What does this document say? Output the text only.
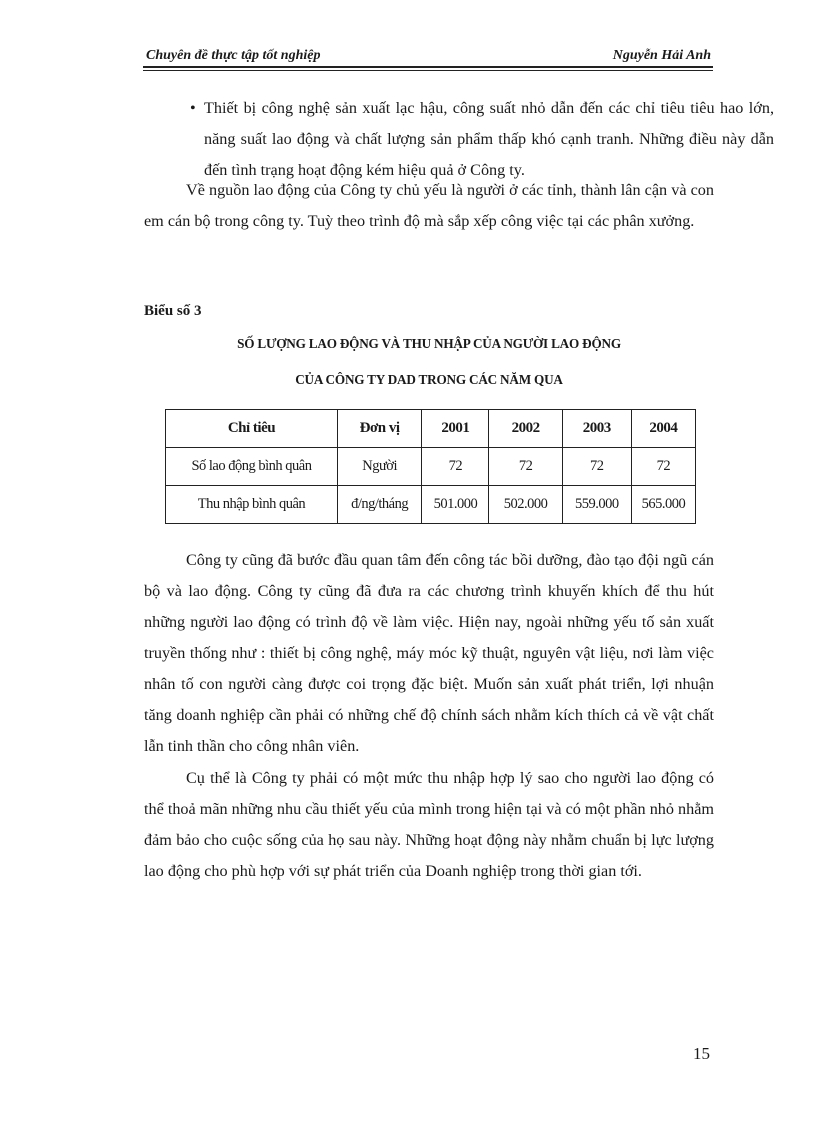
Chuyên đề thực tập tốt nghiệp	Nguyễn Hải Anh

• Thiết bị công nghệ sản xuất lạc hậu, công suất nhỏ dẫn đến các chỉ tiêu tiêu hao lớn, năng suất lao động và chất lượng sản phẩm thấp khó cạnh tranh. Những điều này dẫn đến tình trạng hoạt động kém hiệu quả ở Công ty.

Về nguồn lao động của Công ty chủ yếu là người ở các tỉnh, thành lân cận và con em cán bộ trong công ty. Tuỳ theo trình độ mà sắp xếp công việc tại các phân xưởng.

Biểu số 3
SỐ LƯỢNG LAO ĐỘNG VÀ THU NHẬP CỦA NGƯỜI LAO ĐỘNG
CỦA CÔNG TY DAD TRONG CÁC NĂM QUA
Chỉ tiêu	Đơn vị	2001	2002	2003	2004
Số lao động bình quân	Người	72	72	72	72
Thu nhập bình quân	đ/ng/tháng	501.000	502.000	559.000	565.000

Công ty cũng đã bước đầu quan tâm đến công tác bồi dưỡng, đào tạo đội ngũ cán bộ và lao động. Công ty cũng đã đưa ra các chương trình khuyến khích để thu hút những người lao động có trình độ về làm việc. Hiện nay, ngoài những yếu tố sản xuất truyền thống như : thiết bị công nghệ, máy móc kỹ thuật, nguyên vật liệu, nơi làm việc nhân tố con người càng được coi trọng đặc biệt. Muốn sản xuất phát triển, lợi nhuận tăng doanh nghiệp cần phải có những chế độ chính sách nhằm kích thích cả về vật chất lẫn tinh thần cho công nhân viên.

Cụ thể là Công ty phải có một mức thu nhập hợp lý sao cho người lao động có thể thoả mãn những nhu cầu thiết yếu của mình trong hiện tại và có một phần nhỏ nhằm đảm bảo cho cuộc sống của họ sau này. Những hoạt động này nhằm chuẩn bị lực lượng lao động cho phù hợp với sự phát triển của Doanh nghiệp trong thời gian tới.

15
